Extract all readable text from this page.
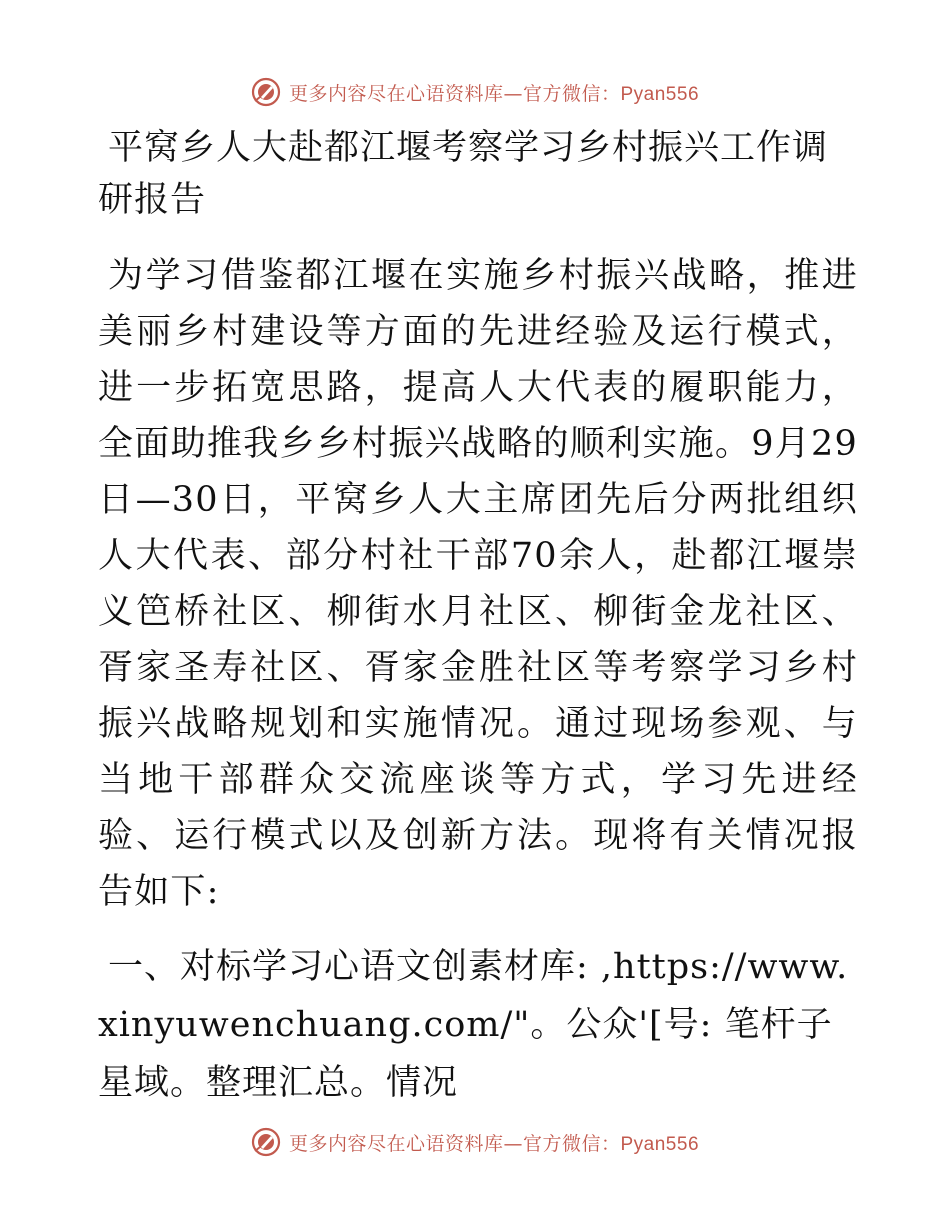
更多内容尽在心语资料库—官方微信：Pyan556
平窝乡人大赴都江堰考察学习乡村振兴工作调研报告

为学习借鉴都江堰在实施乡村振兴战略，推进美丽乡村建设等方面的先进经验及运行模式，进一步拓宽思路，提高人大代表的履职能力，全面助推我乡乡村振兴战略的顺利实施。9月29日—30日，平窝乡人大主席团先后分两批组织人大代表、部分村社干部70余人，赴都江堰崇义笆桥社区、柳街水月社区、柳街金龙社区、胥家圣寿社区、胥家金胜社区等考察学习乡村振兴战略规划和实施情况。通过现场参观、与当地干部群众交流座谈等方式，学习先进经验、运行模式以及创新方法。现将有关情况报告如下:

一、对标学习心语文创素材库: ,https://www.xinyuwenchuang.com/"。公众'[号: 笔杆子星域。整理汇总。情况

更多内容尽在心语资料库—官方微信：Pyan556
